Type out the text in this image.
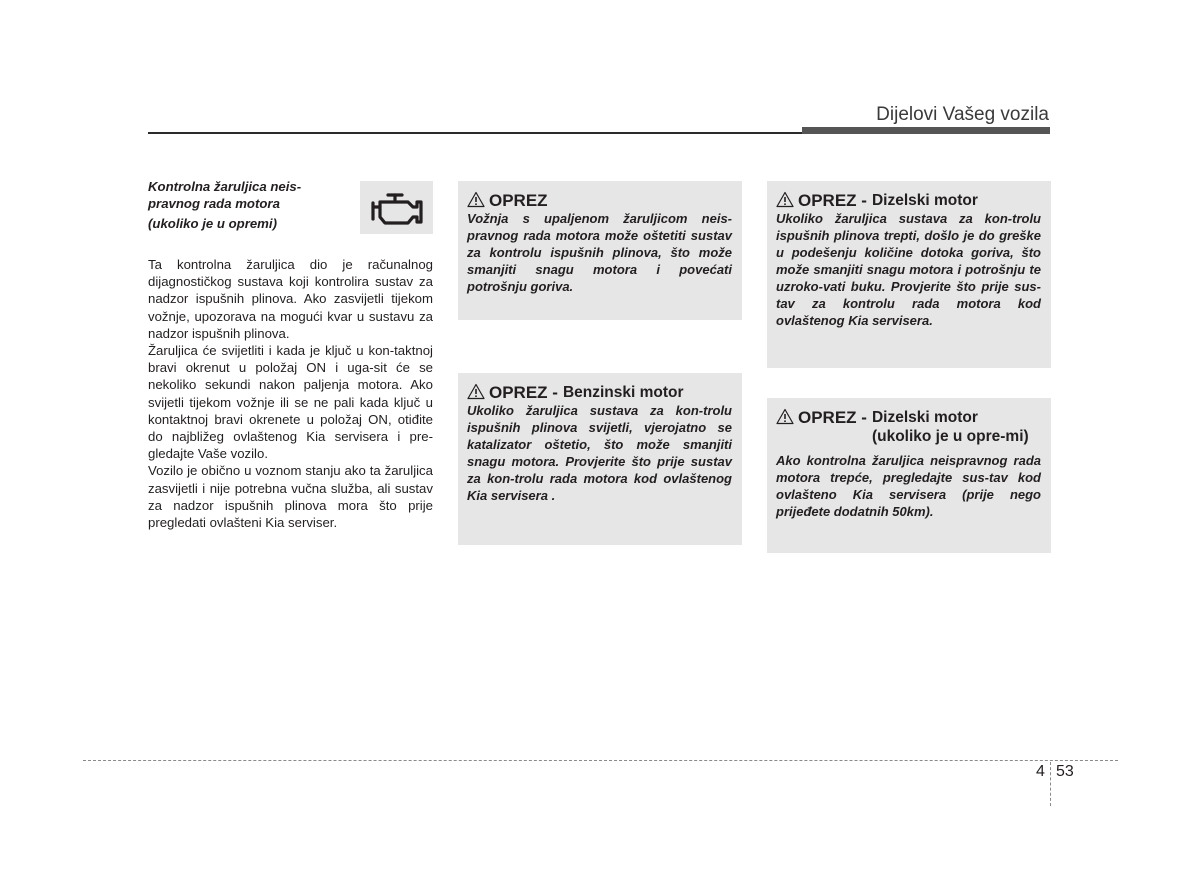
Dijelovi Vašeg vozila
Kontrolna žaruljica neis-pravnog rada motora
(ukoliko je u opremi)

Ta kontrolna žaruljica dio je računalnog dijagnostičkog sustava koji kontrolira sustav za nadzor ispušnih plinova. Ako zasvijetli tijekom vožnje, upozorava na mogući kvar u sustavu za nadzor ispušnih plinova.

Žaruljica će svijetliti i kada je ključ u kon-taktnoj bravi okrenut u položaj ON i uga-sit će se nekoliko sekundi nakon paljenja motora. Ako svijetli tijekom vožnje ili se ne pali kada ključ u kontaktnoj bravi okrenete u položaj ON, otiđite do najbližeg ovlaštenog Kia servisera i pre-gledajte Vaše vozilo.

Vozilo je obično u voznom stanju ako ta žaruljica zasvijetli i nije potrebna vučna služba, ali sustav za nadzor ispušnih plinova mora što prije pregledati ovlašteni Kia serviser.

OPREZ
Vožnja s upaljenom žaruljicom neis-pravnog rada motora može oštetiti sustav za kontrolu ispušnih plinova, što može smanjiti snagu motora i povećati potrošnju goriva.
OPREZ - Benzinski motor
Ukoliko žaruljica sustava za kon-trolu ispušnih plinova svijetli, vjerojatno se katalizator oštetio, što može smanjiti snagu motora. Provjerite što prije sustav za kon-trolu rada motora kod ovlaštenog Kia servisera .
OPREZ - Dizelski motor
Ukoliko žaruljica sustava za kon-trolu ispušnih plinova trepti, došlo je do greške u podešenju količine dotoka goriva, što može smanjiti snagu motora i potrošnju te uzroko-vati buku. Provjerite što prije sus-tav za kontrolu rada motora kod ovlaštenog Kia servisera.
OPREZ - Dizelski motor (ukoliko je u opre-mi)
Ako kontrolna žaruljica neispravnog rada motora trepće, pregledajte sus-tav kod ovlašteno Kia servisera (prije nego prijeđete dodatnih 50km).
4 53
